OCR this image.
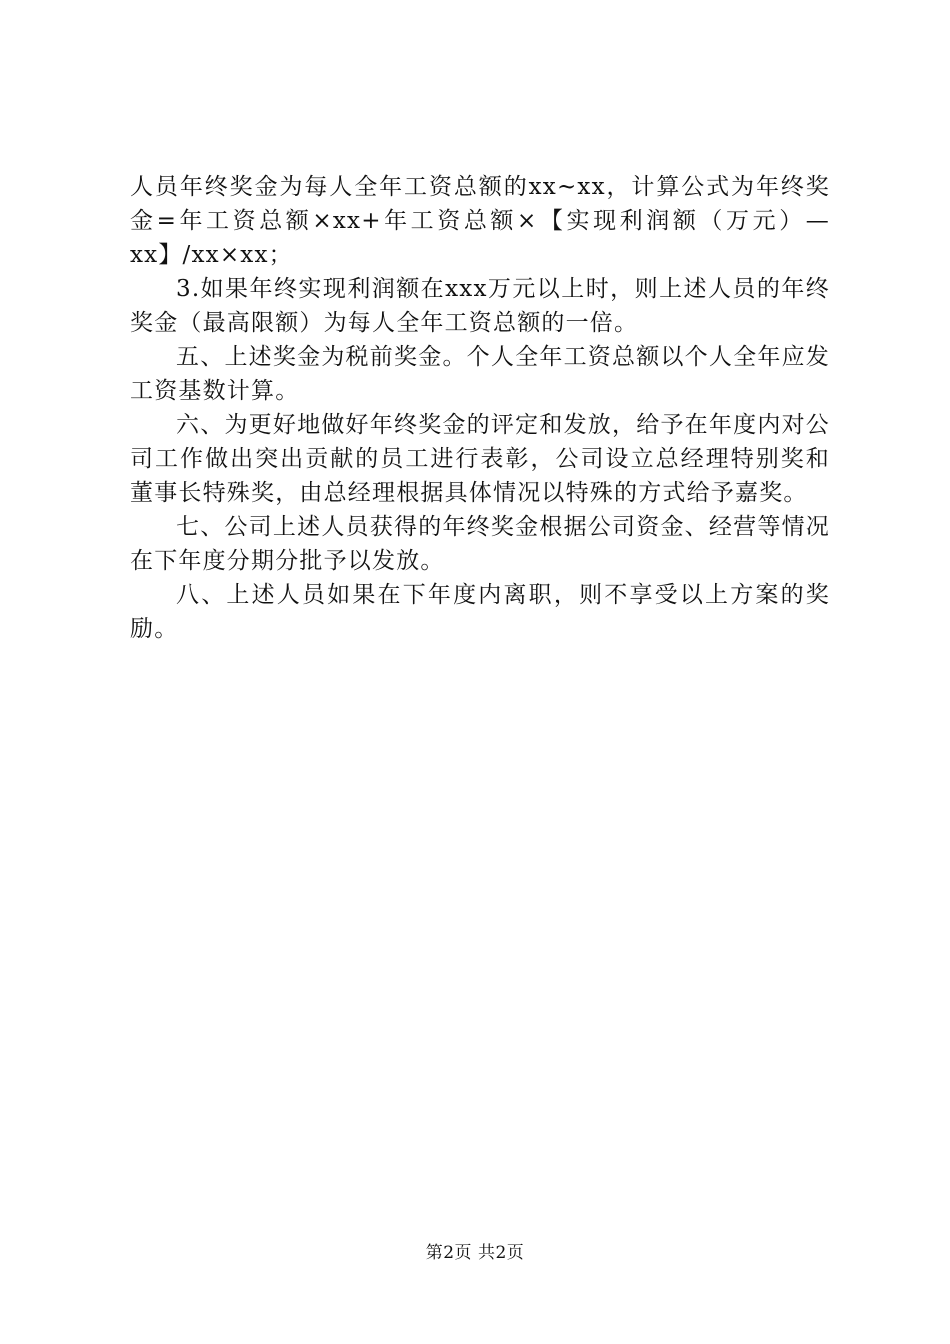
人员年终奖金为每人全年工资总额的xx~xx，计算公式为年终奖金=年工资总额×xx+年工资总额×【实现利润额（万元）—xx】/xx×xx；

3.如果年终实现利润额在xxx万元以上时，则上述人员的年终奖金（最高限额）为每人全年工资总额的一倍。

五、上述奖金为税前奖金。个人全年工资总额以个人全年应发工资基数计算。

六、为更好地做好年终奖金的评定和发放，给予在年度内对公司工作做出突出贡献的员工进行表彰，公司设立总经理特别奖和董事长特殊奖，由总经理根据具体情况以特殊的方式给予嘉奖。

七、公司上述人员获得的年终奖金根据公司资金、经营等情况在下年度分期分批予以发放。

八、上述人员如果在下年度内离职，则不享受以上方案的奖励。

第2页 共2页
